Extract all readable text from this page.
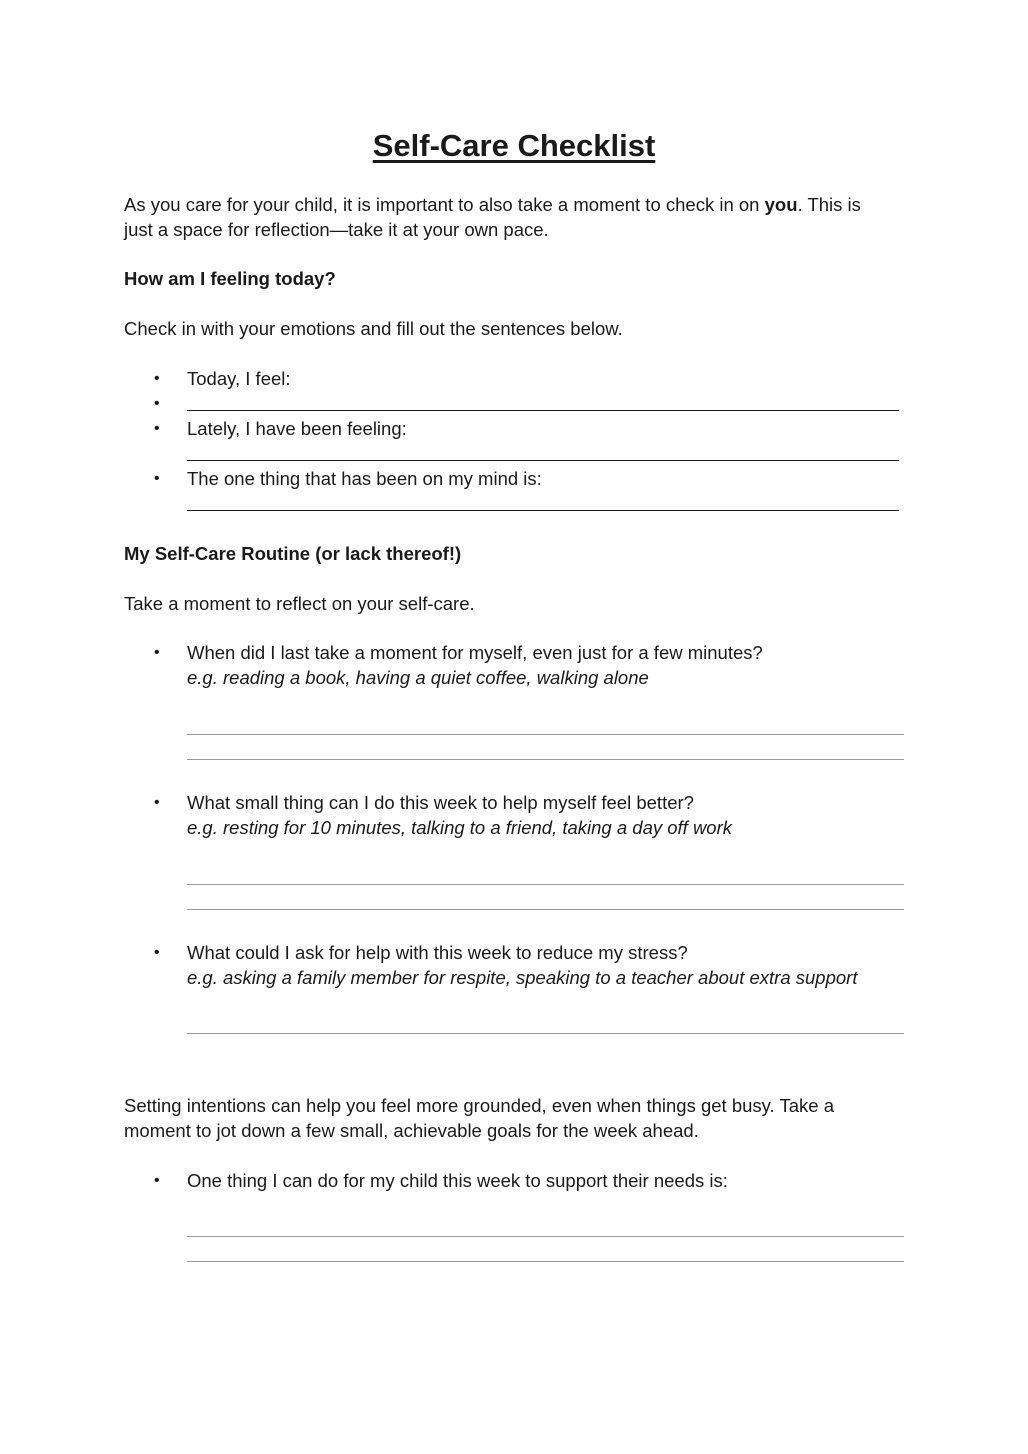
Self-Care Checklist
As you care for your child, it is important to also take a moment to check in on you. This is
just a space for reflection—take it at your own pace.
How am I feeling today?
Check in with your emotions and fill out the sentences below.
•	Today, I feel:
•
•	Lately, I have been feeling:
•	The one thing that has been on my mind is:
My Self-Care Routine (or lack thereof!)
Take a moment to reflect on your self-care.
•	When did I last take a moment for myself, even just for a few minutes?
e.g. reading a book, having a quiet coffee, walking alone
•	What small thing can I do this week to help myself feel better?
e.g. resting for 10 minutes, talking to a friend, taking a day off work
•	What could I ask for help with this week to reduce my stress?
e.g. asking a family member for respite, speaking to a teacher about extra support
Setting intentions can help you feel more grounded, even when things get busy. Take a
moment to jot down a few small, achievable goals for the week ahead.
•	One thing I can do for my child this week to support their needs is:
